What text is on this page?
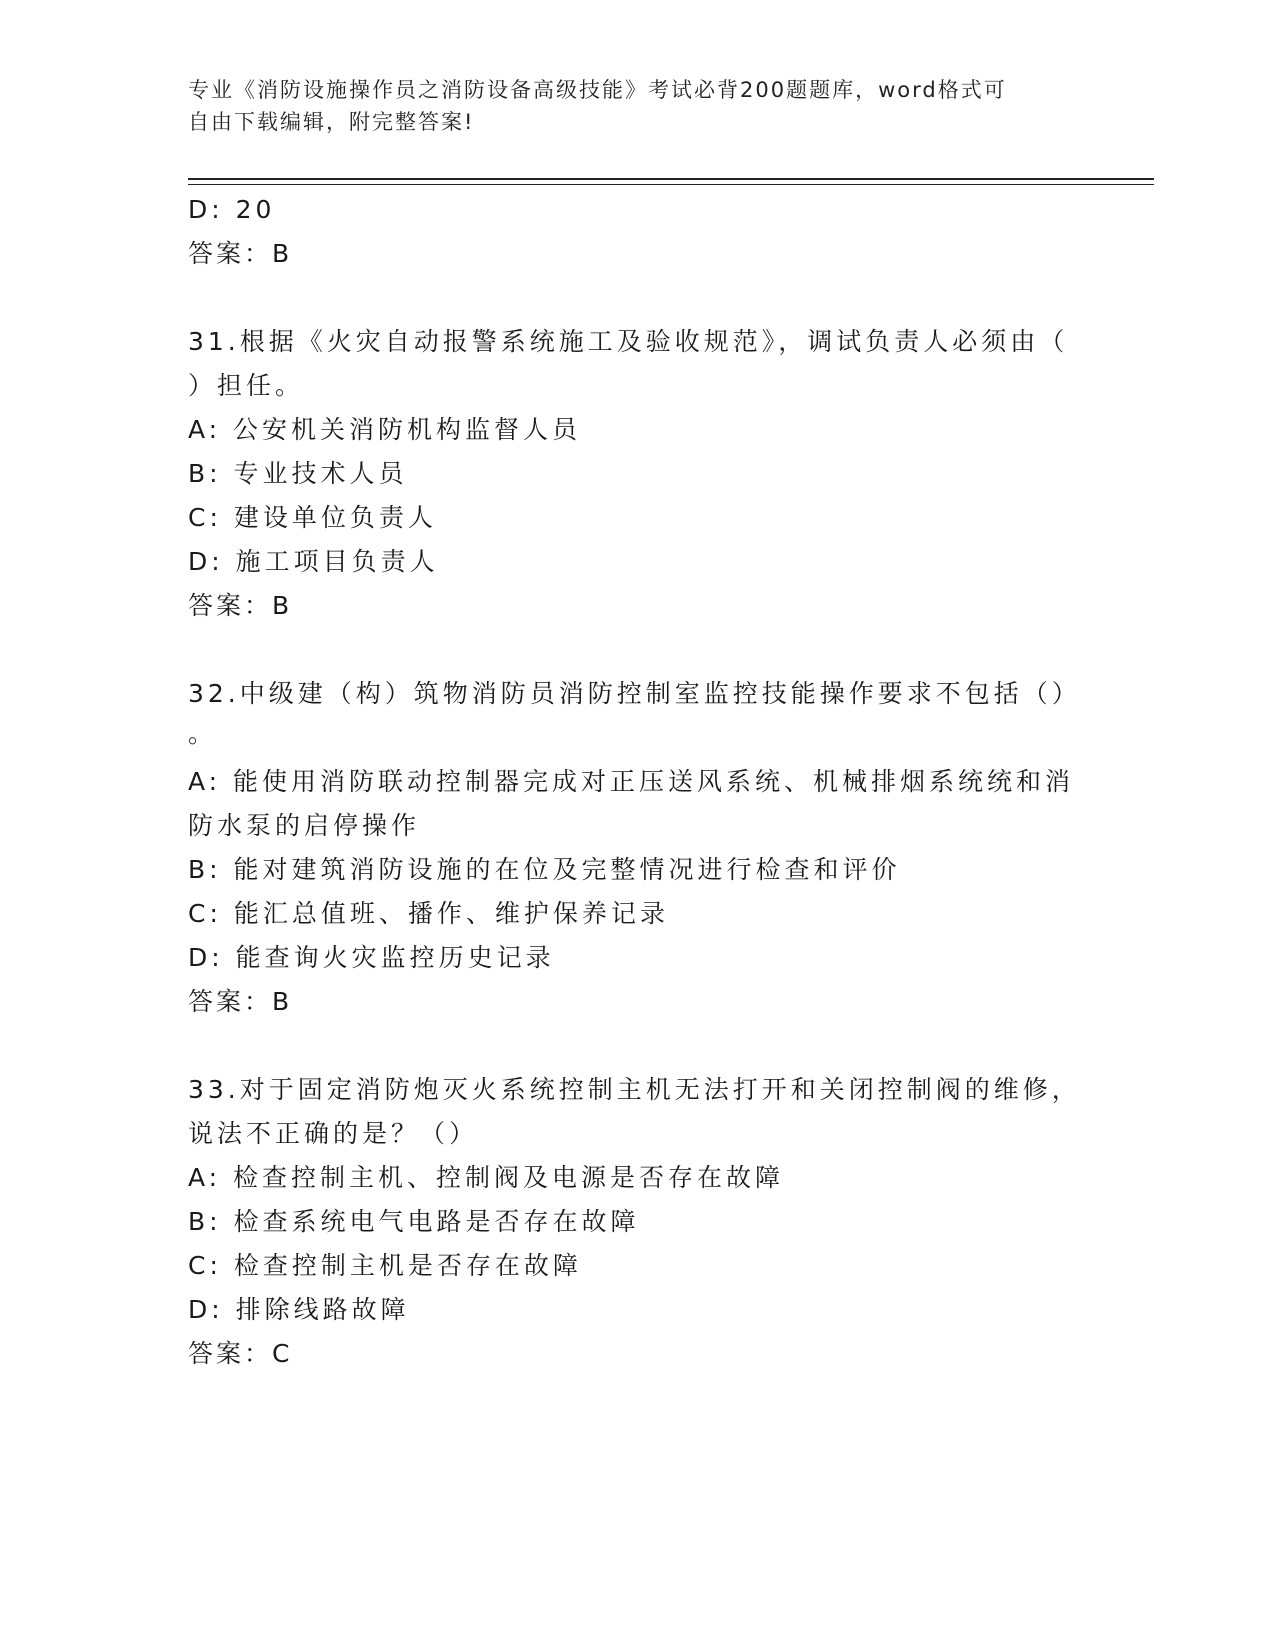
专业《消防设施操作员之消防设备高级技能》考试必背200题题库，word格式可
自由下载编辑，附完整答案!
D: 20
答案：B
31.根据《火灾自动报警系统施工及验收规范》，调试负责人必须由（
）担任。
A: 公安机关消防机构监督人员
B: 专业技术人员
C: 建设单位负责人
D: 施工项目负责人
答案：B
32.中级建（构）筑物消防员消防控制室监控技能操作要求不包括（）
。
A: 能使用消防联动控制器完成对正压送风系统、机械排烟系统统和消
防水泵的启停操作
B: 能对建筑消防设施的在位及完整情况进行检查和评价
C: 能汇总值班、播作、维护保养记录
D: 能查询火灾监控历史记录
答案：B
33.对于固定消防炮灭火系统控制主机无法打开和关闭控制阀的维修，
说法不正确的是？（）
A: 检查控制主机、控制阀及电源是否存在故障
B: 检查系统电气电路是否存在故障
C: 检查控制主机是否存在故障
D: 排除线路故障
答案：C
